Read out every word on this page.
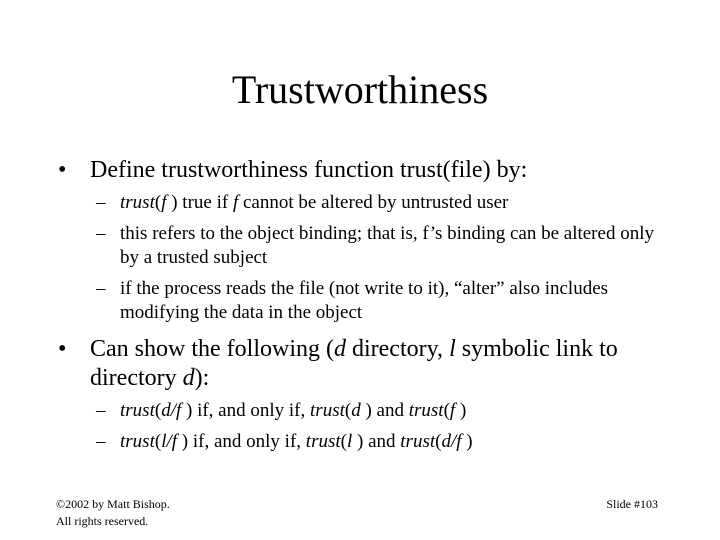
Trustworthiness
• Define trustworthiness function trust(file) by:
– trust(f ) true if f cannot be altered by untrusted user
– this refers to the object binding; that is, f’s binding can be altered only by a trusted subject
– if the process reads the file (not write to it), “alter” also includes modifying the data in the object
• Can show the following (d directory, l symbolic link to directory d):
– trust(d/f ) if, and only if, trust(d ) and trust(f )
– trust(l/f ) if, and only if, trust(l ) and trust(d/f )
©2002 by Matt Bishop.
All rights reserved.
Slide #103
